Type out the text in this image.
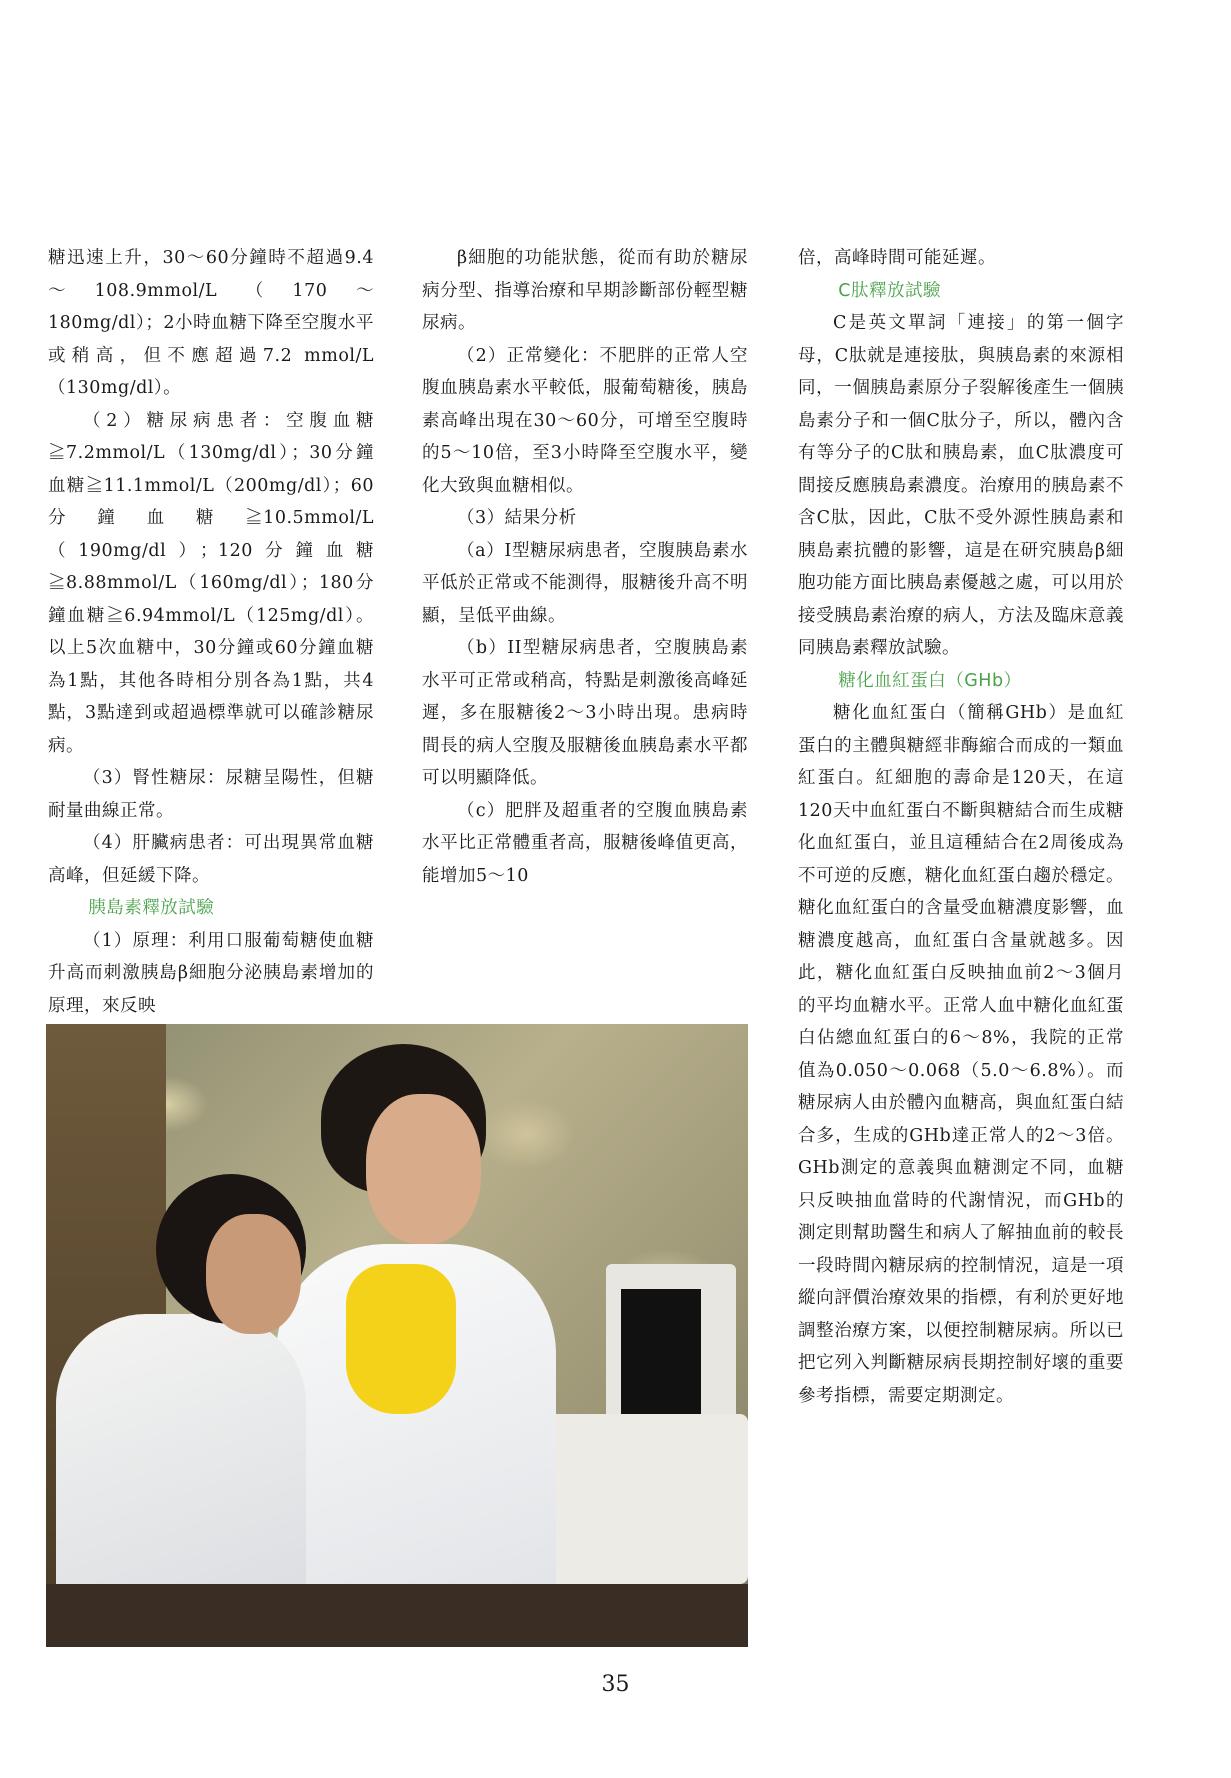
糖迅速上升，30～60分鐘時不超過9.4～108.9mmol/L（170～180mg/dl）；2小時血糖下降至空腹水平或稍高，但不應超過7.2 mmol/L（130mg/dl）。

（2）糖尿病患者：空腹血糖≧7.2mmol/L（130mg/dl）；30分鐘血糖≧11.1mmol/L（200mg/dl）；60分鐘血糖≧10.5mmol/L（190mg/dl）；120分鐘血糖≧8.88mmol/L（160mg/dl）；180分鐘血糖≧6.94mmol/L（125mg/dl）。以上5次血糖中，30分鐘或60分鐘血糖為1點，其他各時相分別各為1點，共4點，3點達到或超過標準就可以確診糖尿病。

（3）腎性糖尿：尿糖呈陽性，但糖耐量曲線正常。

（4）肝臟病患者：可出現異常血糖高峰，但延緩下降。

胰島素釋放試驗

（1）原理：利用口服葡萄糖使血糖升高而刺激胰島β細胞分泌胰島素增加的原理，來反映

β細胞的功能狀態，從而有助於糖尿病分型、指導治療和早期診斷部份輕型糖尿病。

（2）正常變化：不肥胖的正常人空腹血胰島素水平較低，服葡萄糖後，胰島素高峰出現在30～60分，可增至空腹時的5～10倍，至3小時降至空腹水平，變化大致與血糖相似。

（3）結果分析

（a）I型糖尿病患者，空腹胰島素水平低於正常或不能測得，服糖後升高不明顯，呈低平曲線。

（b）II型糖尿病患者，空腹胰島素水平可正常或稍高，特點是刺激後高峰延遲，多在服糖後2～3小時出現。患病時間長的病人空腹及服糖後血胰島素水平都可以明顯降低。

（c）肥胖及超重者的空腹血胰島素水平比正常體重者高，服糖後峰值更高，能增加5～10

倍，高峰時間可能延遲。

C肽釋放試驗

C是英文單詞「連接」的第一個字母，C肽就是連接肽，與胰島素的來源相同，一個胰島素原分子裂解後產生一個胰島素分子和一個C肽分子，所以，體內含有等分子的C肽和胰島素，血C肽濃度可間接反應胰島素濃度。治療用的胰島素不含C肽，因此，C肽不受外源性胰島素和胰島素抗體的影響，這是在研究胰島β細胞功能方面比胰島素優越之處，可以用於接受胰島素治療的病人，方法及臨床意義同胰島素釋放試驗。

糖化血紅蛋白（GHb）

糖化血紅蛋白（簡稱GHb）是血紅蛋白的主體與糖經非酶縮合而成的一類血紅蛋白。紅細胞的壽命是120天，在這120天中血紅蛋白不斷與糖結合而生成糖化血紅蛋白，並且這種結合在2周後成為不可逆的反應，糖化血紅蛋白趨於穩定。糖化血紅蛋白的含量受血糖濃度影響，血糖濃度越高，血紅蛋白含量就越多。因此，糖化血紅蛋白反映抽血前2～3個月的平均血糖水平。正常人血中糖化血紅蛋白佔總血紅蛋白的6～8%，我院的正常值為0.050～0.068（5.0～6.8%）。而糖尿病人由於體內血糖高，與血紅蛋白結合多，生成的GHb達正常人的2～3倍。GHb測定的意義與血糖測定不同，血糖只反映抽血當時的代謝情況，而GHb的測定則幫助醫生和病人了解抽血前的較長一段時間內糖尿病的控制情況，這是一項縱向評價治療效果的指標，有利於更好地調整治療方案，以便控制糖尿病。所以已把它列入判斷糖尿病長期控制好壞的重要參考指標，需要定期測定。

35
